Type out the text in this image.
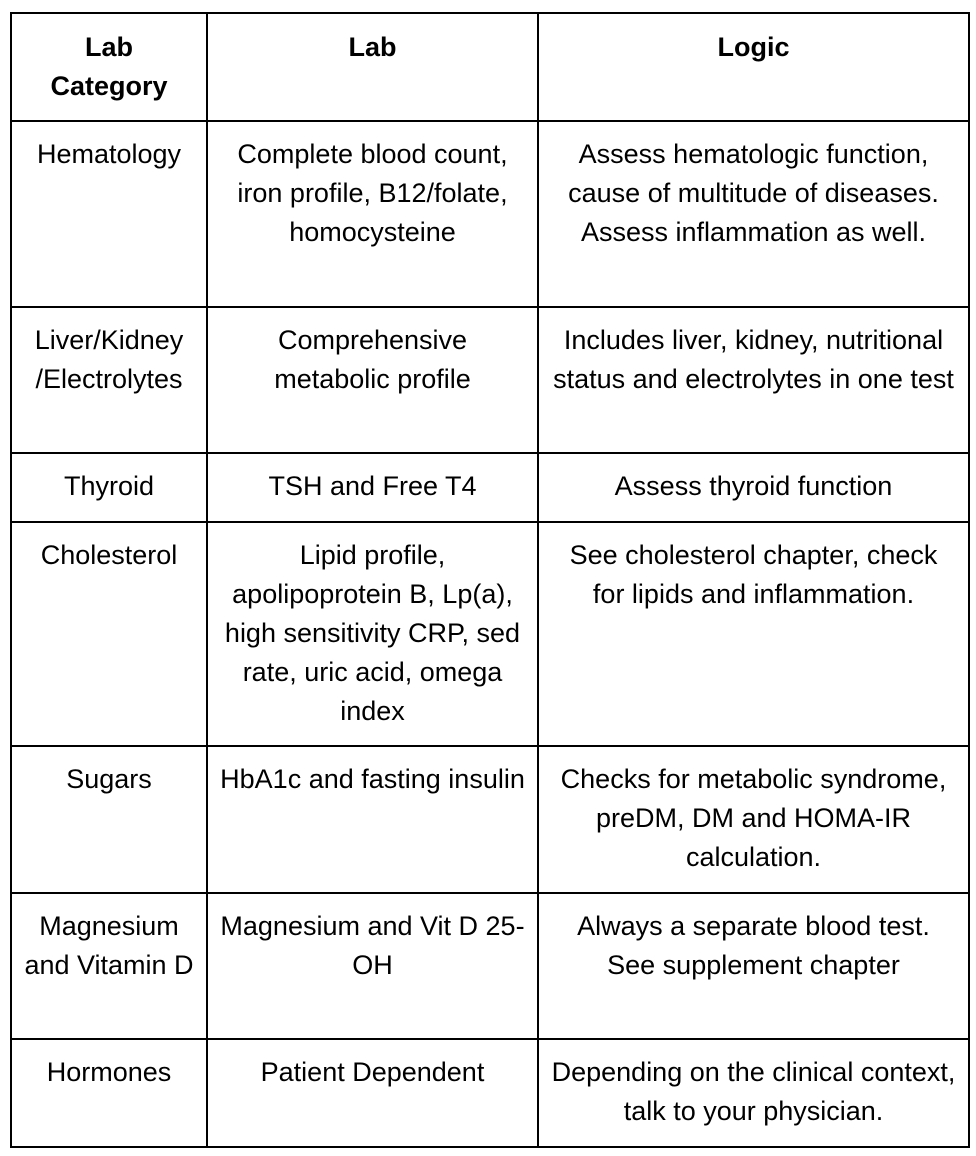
Lab Category	Lab	Logic
Hematology	Complete blood count, iron profile, B12/folate, homocysteine	Assess hematologic function, cause of multitude of diseases. Assess inflammation as well.
Liver/Kidney /Electrolytes	Comprehensive metabolic profile	Includes liver, kidney, nutritional status and electrolytes in one test
Thyroid	TSH and Free T4	Assess thyroid function
Cholesterol	Lipid profile, apolipoprotein B, Lp(a), high sensitivity CRP, sed rate, uric acid, omega index	See cholesterol chapter, check for lipids and inflammation.
Sugars	HbA1c and fasting insulin	Checks for metabolic syndrome, preDM, DM and HOMA-IR calculation.
Magnesium and Vitamin D	Magnesium and Vit D 25-OH	Always a separate blood test. See supplement chapter
Hormones	Patient Dependent	Depending on the clinical context, talk to your physician.
